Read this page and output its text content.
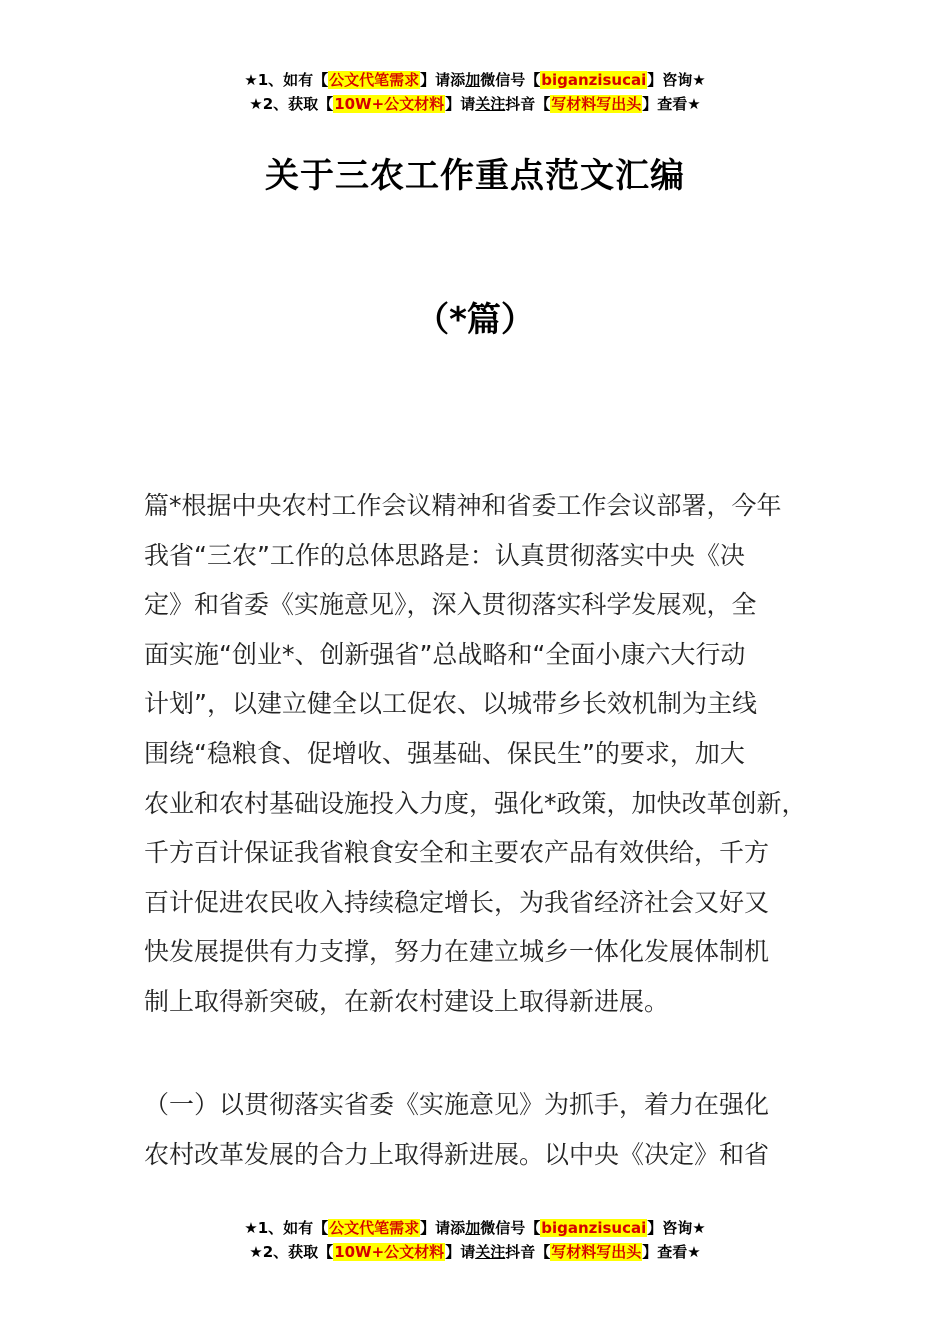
★1、如有【公文代笔需求】请添加微信号【biganzisucai】咨询★
★2、获取【10W+公文材料】请关注抖音【写材料写出头】查看★
关于三农工作重点范文汇编
（*篇）
篇*根据中央农村工作会议精神和省委工作会议部署，今年
我省“三农”工作的总体思路是：认真贯彻落实中央《决
定》和省委《实施意见》，深入贯彻落实科学发展观，全
面实施“创业*、创新强省”总战略和“全面小康六大行动
计划”，以建立健全以工促农、以城带乡长效机制为主线
围绕“稳粮食、促增收、强基础、保民生”的要求，加大
农业和农村基础设施投入力度，强化*政策，加快改革创新，
千方百计保证我省粮食安全和主要农产品有效供给，千方
百计促进农民收入持续稳定增长，为我省经济社会又好又
快发展提供有力支撑，努力在建立城乡一体化发展体制机
制上取得新突破，在新农村建设上取得新进展。
（一）以贯彻落实省委《实施意见》为抓手，着力在强化
农村改革发展的合力上取得新进展。以中央《决定》和省
★1、如有【公文代笔需求】请添加微信号【biganzisucai】咨询★
★2、获取【10W+公文材料】请关注抖音【写材料写出头】查看★
